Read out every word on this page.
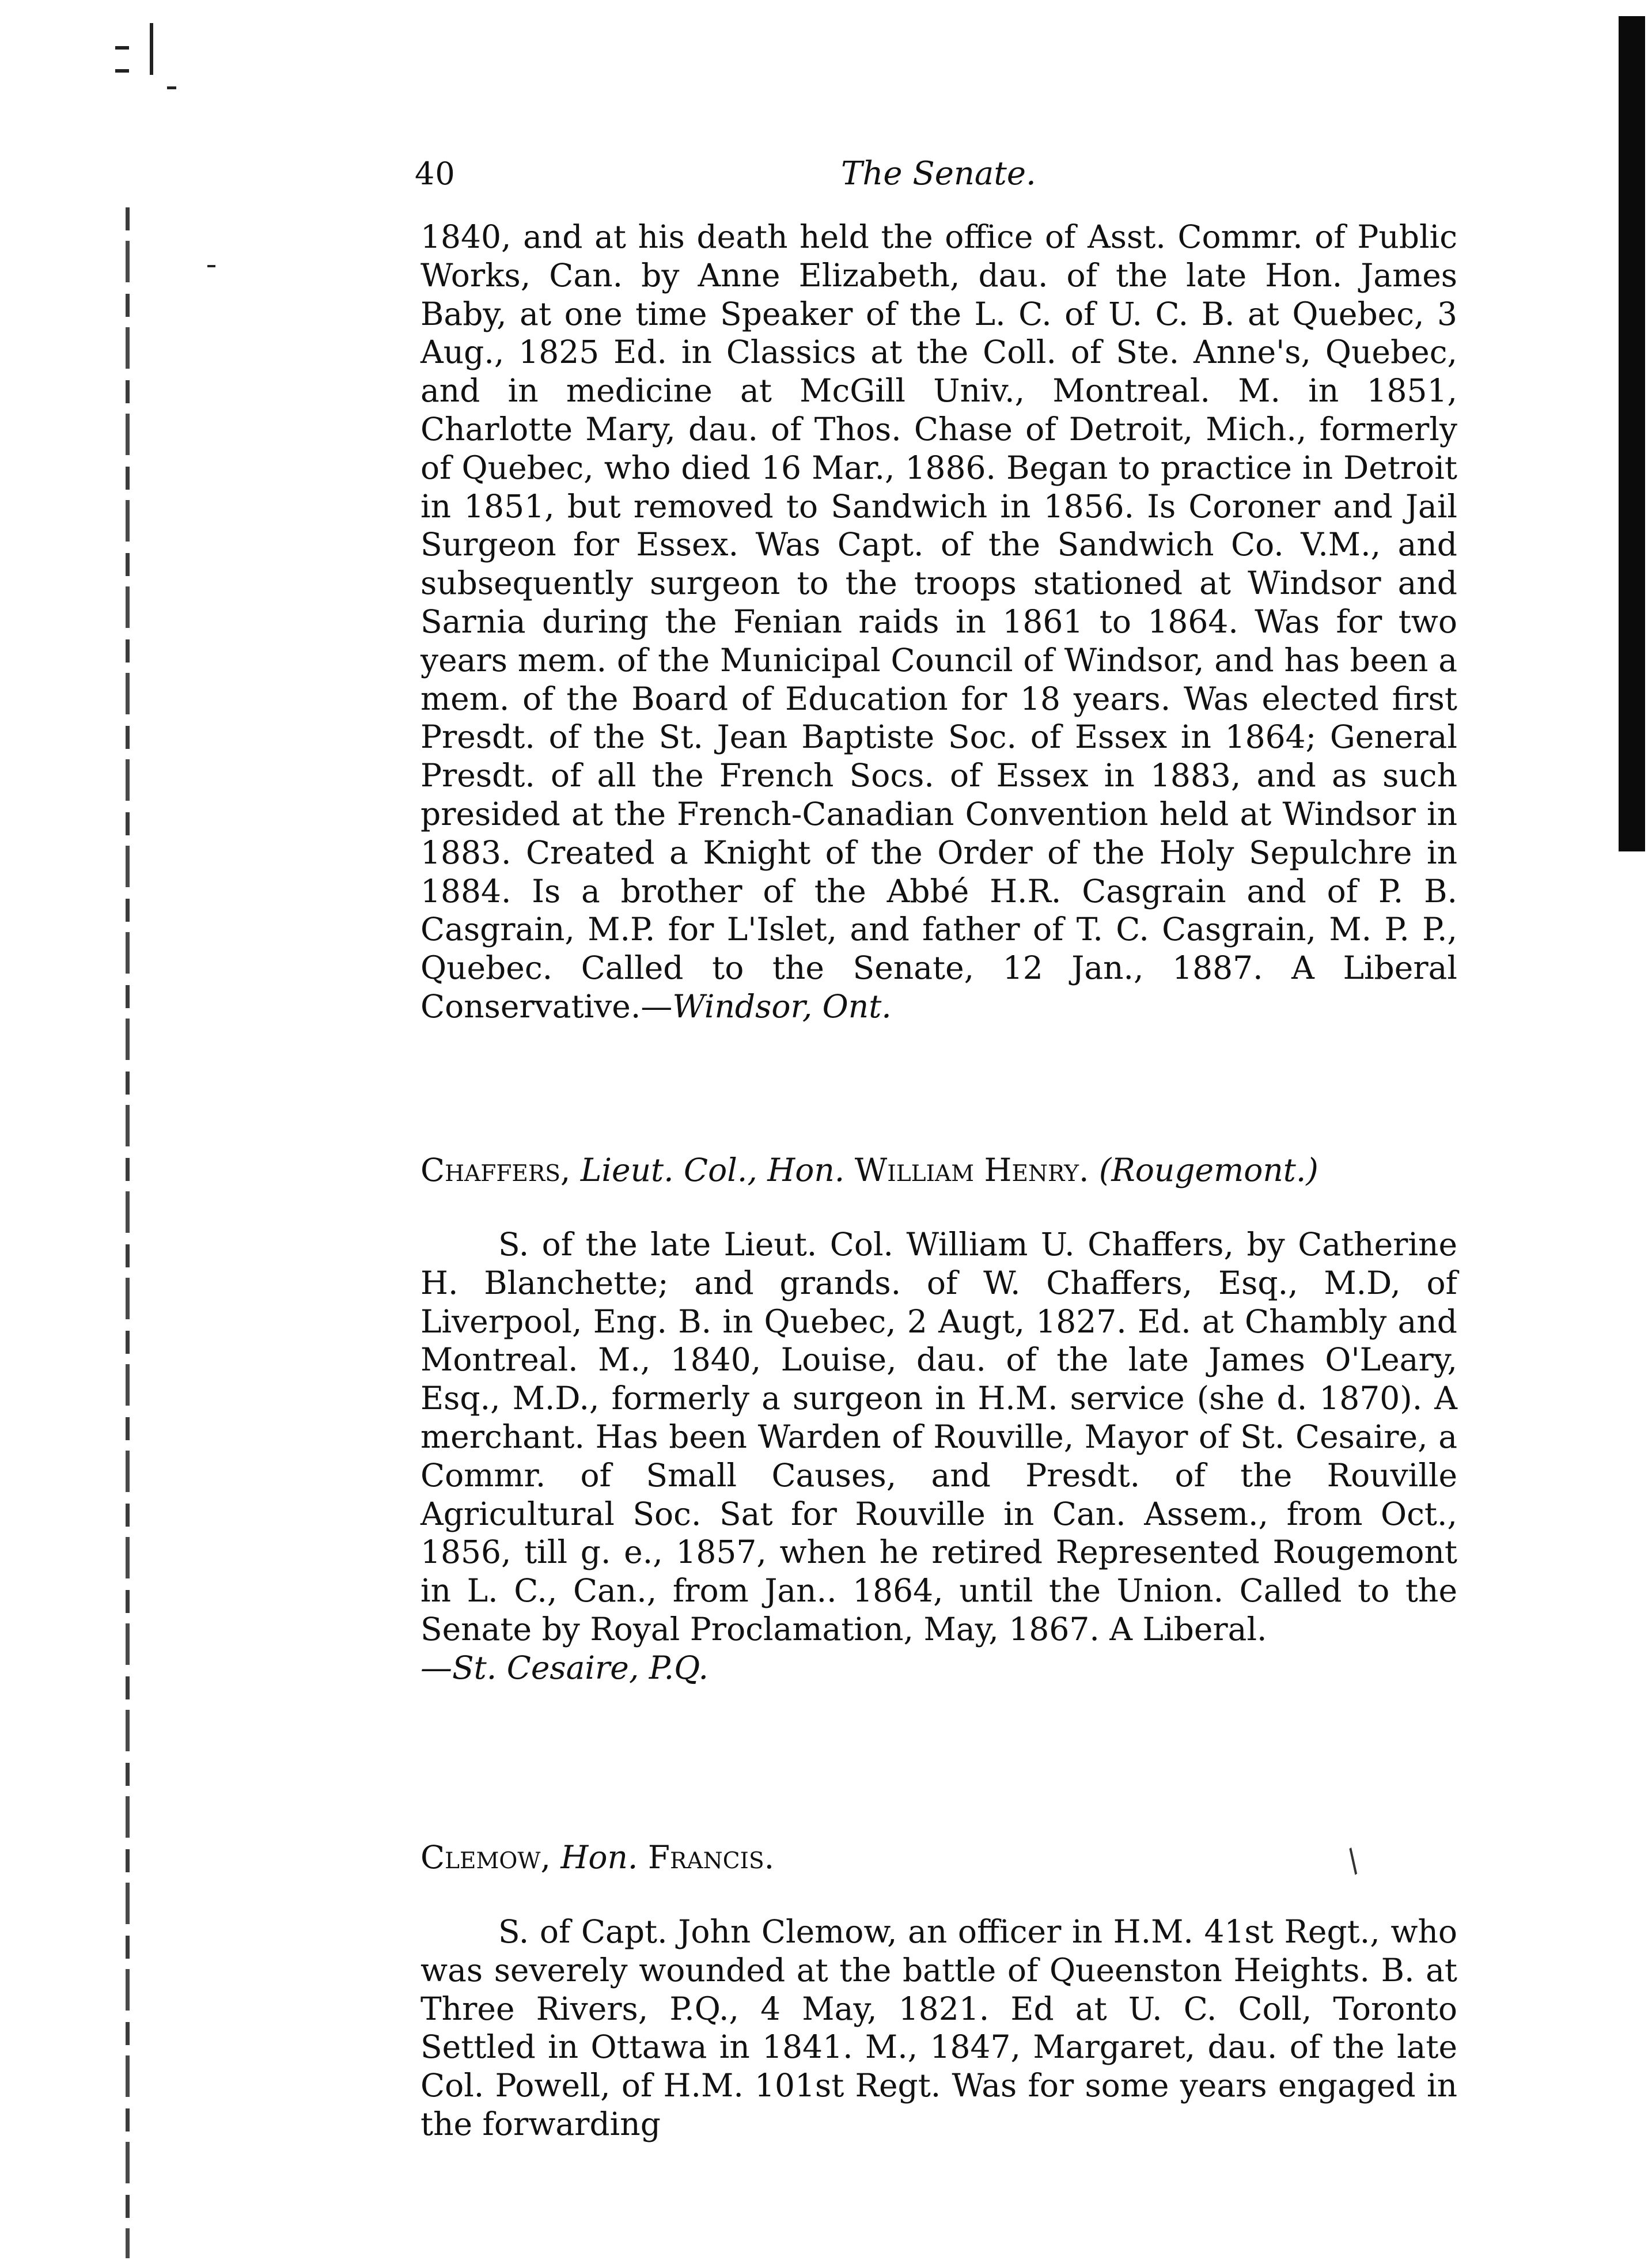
40	The Senate.

1840, and at his death held the office of Asst. Commr. of Public Works, Can. by Anne Elizabeth, dau. of the late Hon. James Baby, at one time Speaker of the L. C. of U. C. B. at Quebec, 3 Aug., 1825 Ed. in Classics at the Coll. of Ste. Anne's, Quebec, and in medicine at McGill Univ., Montreal. M. in 1851, Charlotte Mary, dau. of Thos. Chase of Detroit, Mich., formerly of Quebec, who died 16 Mar., 1886. Began to practice in Detroit in 1851, but removed to Sandwich in 1856. Is Coroner and Jail Surgeon for Essex. Was Capt. of the Sandwich Co. V.M., and subsequently surgeon to the troops stationed at Windsor and Sarnia during the Fenian raids in 1861 to 1864. Was for two years mem. of the Municipal Council of Windsor, and has been a mem. of the Board of Education for 18 years. Was elected first Presdt. of the St. Jean Baptiste Soc. of Essex in 1864; General Presdt. of all the French Socs. of Essex in 1883, and as such presided at the French-Canadian Convention held at Windsor in 1883. Created a Knight of the Order of the Holy Sepulchre in 1884. Is a brother of the Abbé H.R. Casgrain and of P. B. Casgrain, M.P. for L'Islet, and father of T. C. Casgrain, M. P. P., Quebec. Called to the Senate, 12 Jan., 1887. A Liberal Conservative.—Windsor, Ont.

Chaffers, Lieut. Col., Hon. William Henry. (Rougemont.)

S. of the late Lieut. Col. William U. Chaffers, by Catherine H. Blanchette; and grands. of W. Chaffers, Esq., M.D, of Liverpool, Eng. B. in Quebec, 2 Augt, 1827. Ed. at Chambly and Montreal. M., 1840, Louise, dau. of the late James O'Leary, Esq., M.D., formerly a surgeon in H.M. service (she d. 1870). A merchant. Has been Warden of Rouville, Mayor of St. Cesaire, a Commr. of Small Causes, and Presdt. of the Rouville Agricultural Soc. Sat for Rouville in Can. Assem., from Oct., 1856, till g. e., 1857, when he retired Represented Rougemont in L. C., Can., from Jan.. 1864, until the Union. Called to the Senate by Royal Proclamation, May, 1867. A Liberal.
—St. Cesaire, P.Q.

Clemow, Hon. Francis.	/

S. of Capt. John Clemow, an officer in H.M. 41st Regt., who was severely wounded at the battle of Queenston Heights. B. at Three Rivers, P.Q., 4 May, 1821. Ed at U. C. Coll, Toronto Settled in Ottawa in 1841. M., 1847, Margaret, dau. of the late Col. Powell, of H.M. 101st Regt. Was for some years engaged in the forwarding
